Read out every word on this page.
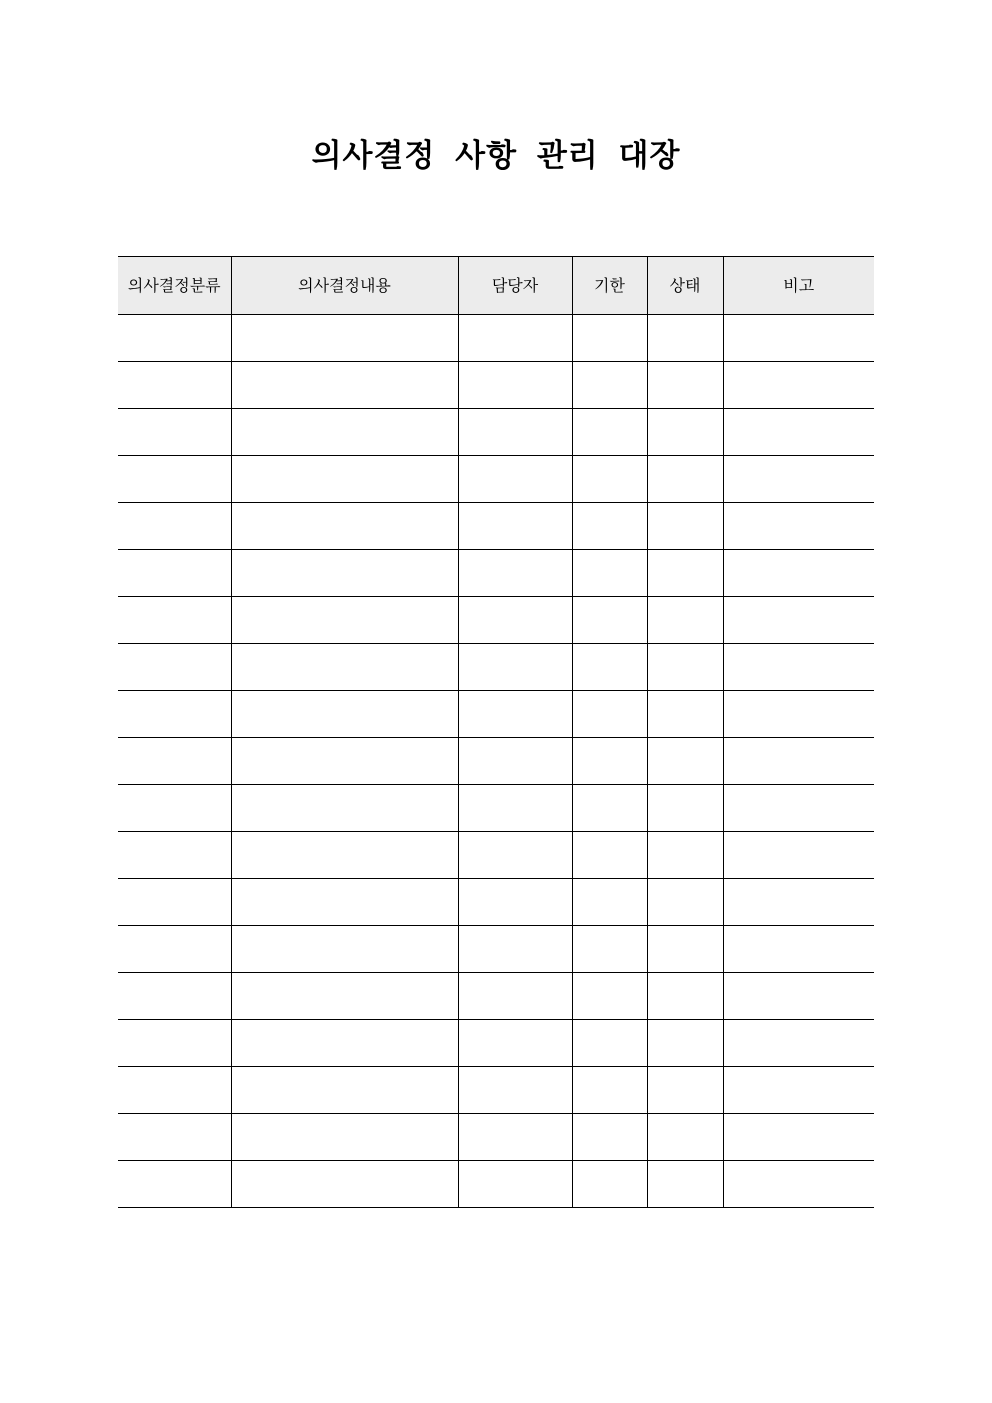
의사결정 사항 관리 대장
의사결정분류	의사결정내용	담당자	기한	상태	비고
